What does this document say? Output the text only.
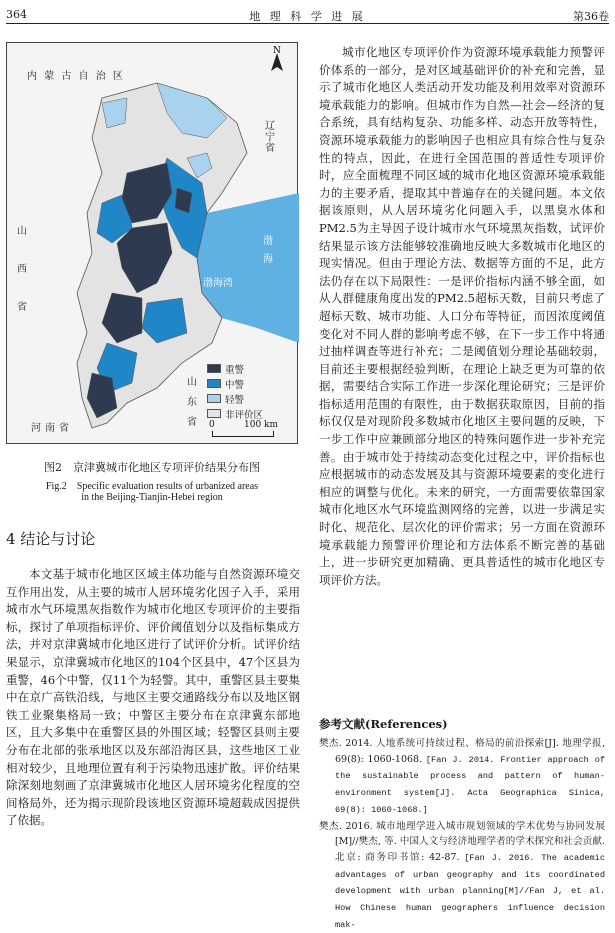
364	地 理 科 学 进 展	第36卷
N
内 蒙 古 自 治 区
辽宁省
山西省
山东省
河南省
渤海湾
渤海
重警
中警
轻警
非评价区
0	100 km
图2　京津冀城市化地区专项评价结果分布图
Fig.2　Specific evaluation results of urbanized areas
in the Beijing-Tianjin-Hebei region
4 结论与讨论
本文基于城市化地区区域主体功能与自然资源环境交互作用出发，从主要的城市人居环境劣化因子入手，采用城市水气环境黑灰指数作为城市化地区专项评价的主要指标，探讨了单项指标评价、评价阈值划分以及指标集成方法，并对京津冀城市化地区进行了试评价分析。试评价结果显示，京津冀城市化地区的104个区县中，47个区县为重警，46个中警，仅11个为轻警。其中，重警区县主要集中在京广高铁沿线，与地区主要交通路线分布以及地区钢铁工业聚集格局一致；中警区主要分布在京津冀东部地区，且大多集中在重警区县的外围区域；轻警区县则主要分布在北部的张承地区以及东部沿海区县，这些地区工业相对较少，且地理位置有利于污染物迅速扩散。评价结果除深刻地刻画了京津冀城市化地区人居环境劣化程度的空间格局外，还为揭示现阶段该地区资源环境超载成因提供了依据。
城市化地区专项评价作为资源环境承载能力预警评价体系的一部分，是对区域基础评价的补充和完善，显示了城市化地区人类活动开发功能及利用效率对资源环境承载能力的影响。但城市作为自然—社会—经济的复合系统，具有结构复杂、功能多样、动态开放等特性，资源环境承载能力的影响因子也相应具有综合性与复杂性的特点，因此，在进行全国范围的普适性专项评价时，应全面梳理不同区域的城市化地区资源环境承载能力的主要矛盾，提取其中普遍存在的关键问题。本文依据该原则，从人居环境劣化问题入手，以黑臭水体和PM2.5为主导因子设计城市水气环境黑灰指数，试评价结果显示该方法能够较准确地反映大多数城市化地区的现实情况。但由于理论方法、数据等方面的不足，此方法仍存在以下局限性：一是评价指标内涵不够全面，如从人群健康角度出发的PM2.5超标天数，目前只考虑了超标天数、城市功能、人口分布等特征，而因浓度阈值变化对不同人群的影响考虑不够，在下一步工作中将通过抽样调查等进行补充；二是阈值划分理论基础较弱，目前还主要根据经验判断，在理论上缺乏更为可靠的依据，需要结合实际工作进一步深化理论研究；三是评价指标适用范围的有限性，由于数据获取原因，目前的指标仅仅是对现阶段多数城市化地区主要问题的反映，下一步工作中应兼顾部分地区的特殊问题作进一步补充完善。由于城市处于持续动态变化过程之中，评价指标也应根据城市的动态发展及其与资源环境要素的变化进行相应的调整与优化。未来的研究，一方面需要依靠国家城市化地区水气环境监测网络的完善，以进一步满足实时化、规范化、层次化的评价需求；另一方面在资源环境承载能力预警评价理论和方法体系不断完善的基础上，进一步研究更加精确、更具普适性的城市化地区专项评价方法。
参考文献(References)
樊杰. 2014. 人地系统可持续过程、格局的前沿探索[J]. 地理学报, 69(8): 1060-1068. [Fan J. 2014. Frontier approach of the sustainable process and pattern of human-environment system[J]. Acta Geographica Sinica, 69(8): 1060-1068.]
樊杰. 2016. 城市地理学进入城市规划领域的学术优势与协同发展[M]//樊杰, 等. 中国人文与经济地理学者的学术探究和社会贡献. 北京: 商务印书馆: 42-87. [Fan J. 2016. The academic advantages of urban geography and its coordinated development with urban planning[M]//Fan J, et al. How Chinese human geographers influence decision mak-
